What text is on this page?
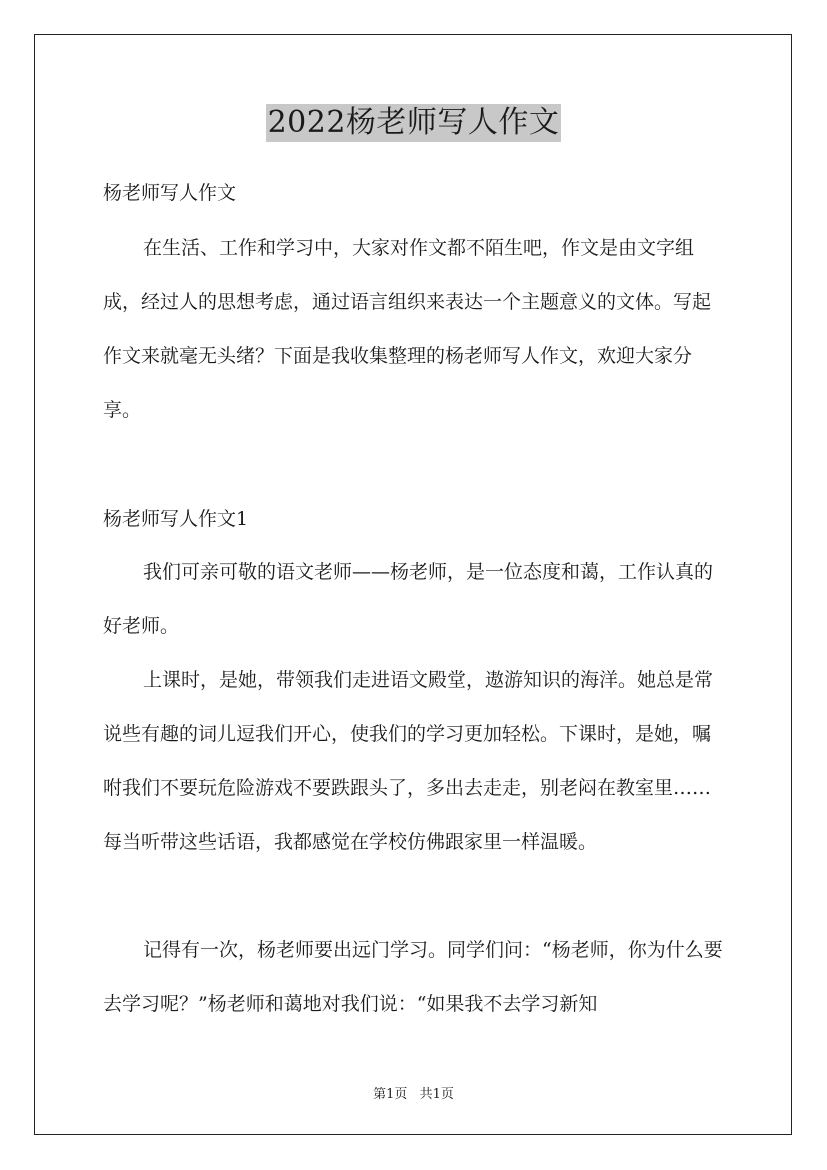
2022杨老师写人作文
杨老师写人作文
在生活、工作和学习中，大家对作文都不陌生吧，作文是由文字组成，经过人的思想考虑，通过语言组织来表达一个主题意义的文体。写起作文来就毫无头绪？下面是我收集整理的杨老师写人作文，欢迎大家分享。
杨老师写人作文1
我们可亲可敬的语文老师——杨老师，是一位态度和蔼，工作认真的好老师。
上课时，是她，带领我们走进语文殿堂，遨游知识的海洋。她总是常说些有趣的词儿逗我们开心，使我们的学习更加轻松。下课时，是她，嘱咐我们不要玩危险游戏不要跌跟头了，多出去走走，别老闷在教室里……每当听带这些话语，我都感觉在学校仿佛跟家里一样温暖。
记得有一次，杨老师要出远门学习。同学们问：“杨老师，你为什么要去学习呢？”杨老师和蔼地对我们说：“如果我不去学习新知
第1页 共1页
